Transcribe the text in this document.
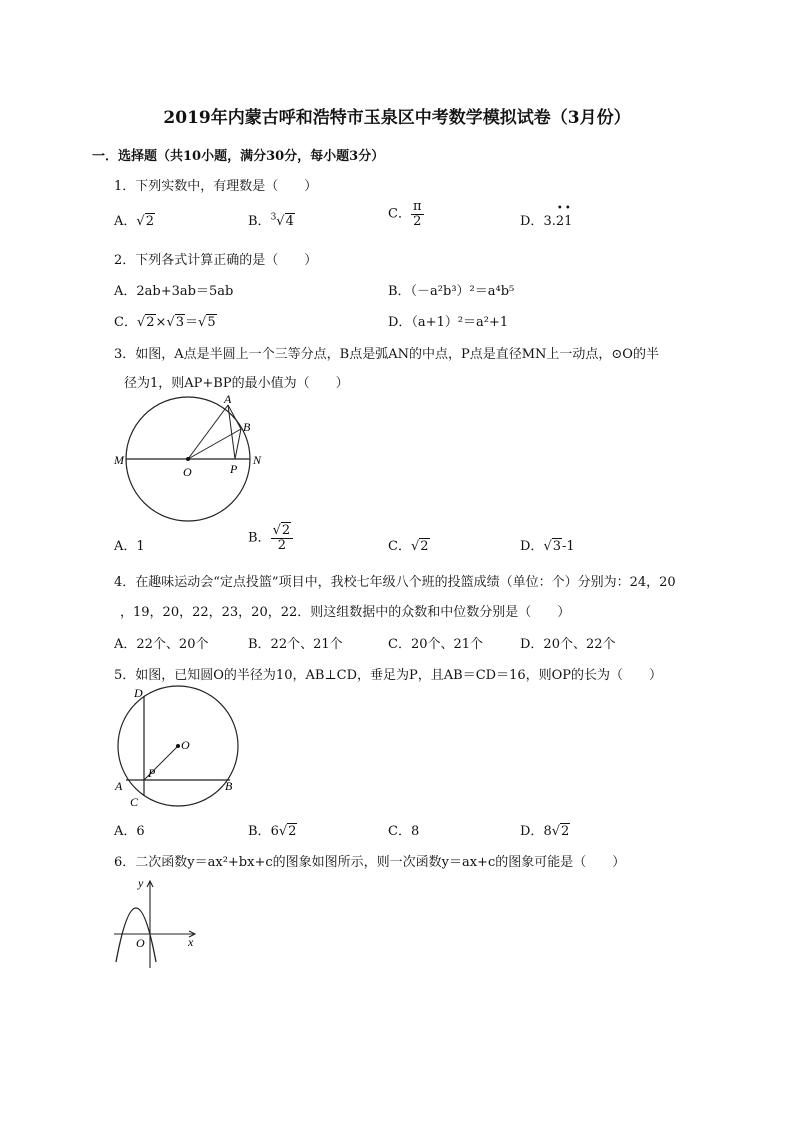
2019年内蒙古呼和浩特市玉泉区中考数学模拟试卷（3月份）
一．选择题（共10小题，满分30分，每小题3分）
1．下列实数中，有理数是（　　）
A．√2	B．$^3$√4	C． $\frac{\pi}{2}$	D．3.
• •
21
2．下列各式计算正确的是（　　）
A．2ab+3ab＝5ab	B．（－a²b³）²＝a⁴b⁵
C．√2×√3＝√5	D．（a+1）²＝a²+1
3．如图，A点是半圆上一个三等分点，B点是弧AN的中点，P点是直径MN上一动点，⊙O的半
径为1，则AP+BP的最小值为（　　）
M	N
O
A
B
P
A．1
B． $\frac{√2}{2}$	C．√2	D．√3-1
4．在趣味运动会“定点投篮”项目中，我校七年级八个班的投篮成绩（单位：个）分别为：24，20
，19，20，22，23，20，22．则这组数据中的众数和中位数分别是（　　）
A．22个、20个	B．22个、21个	C．20个、21个	D．20个、22个
5．如图，已知圆O的半径为10，AB⊥CD，垂足为P，且AB＝CD＝16，则OP的长为（　　）
D
O
P
A	B
C
A．6	B．6√2	C．8	D．8√2
6．二次函数y＝ax²+bx+c的图象如图所示，则一次函数y＝ax+c的图象可能是（　　）
y
x
O
